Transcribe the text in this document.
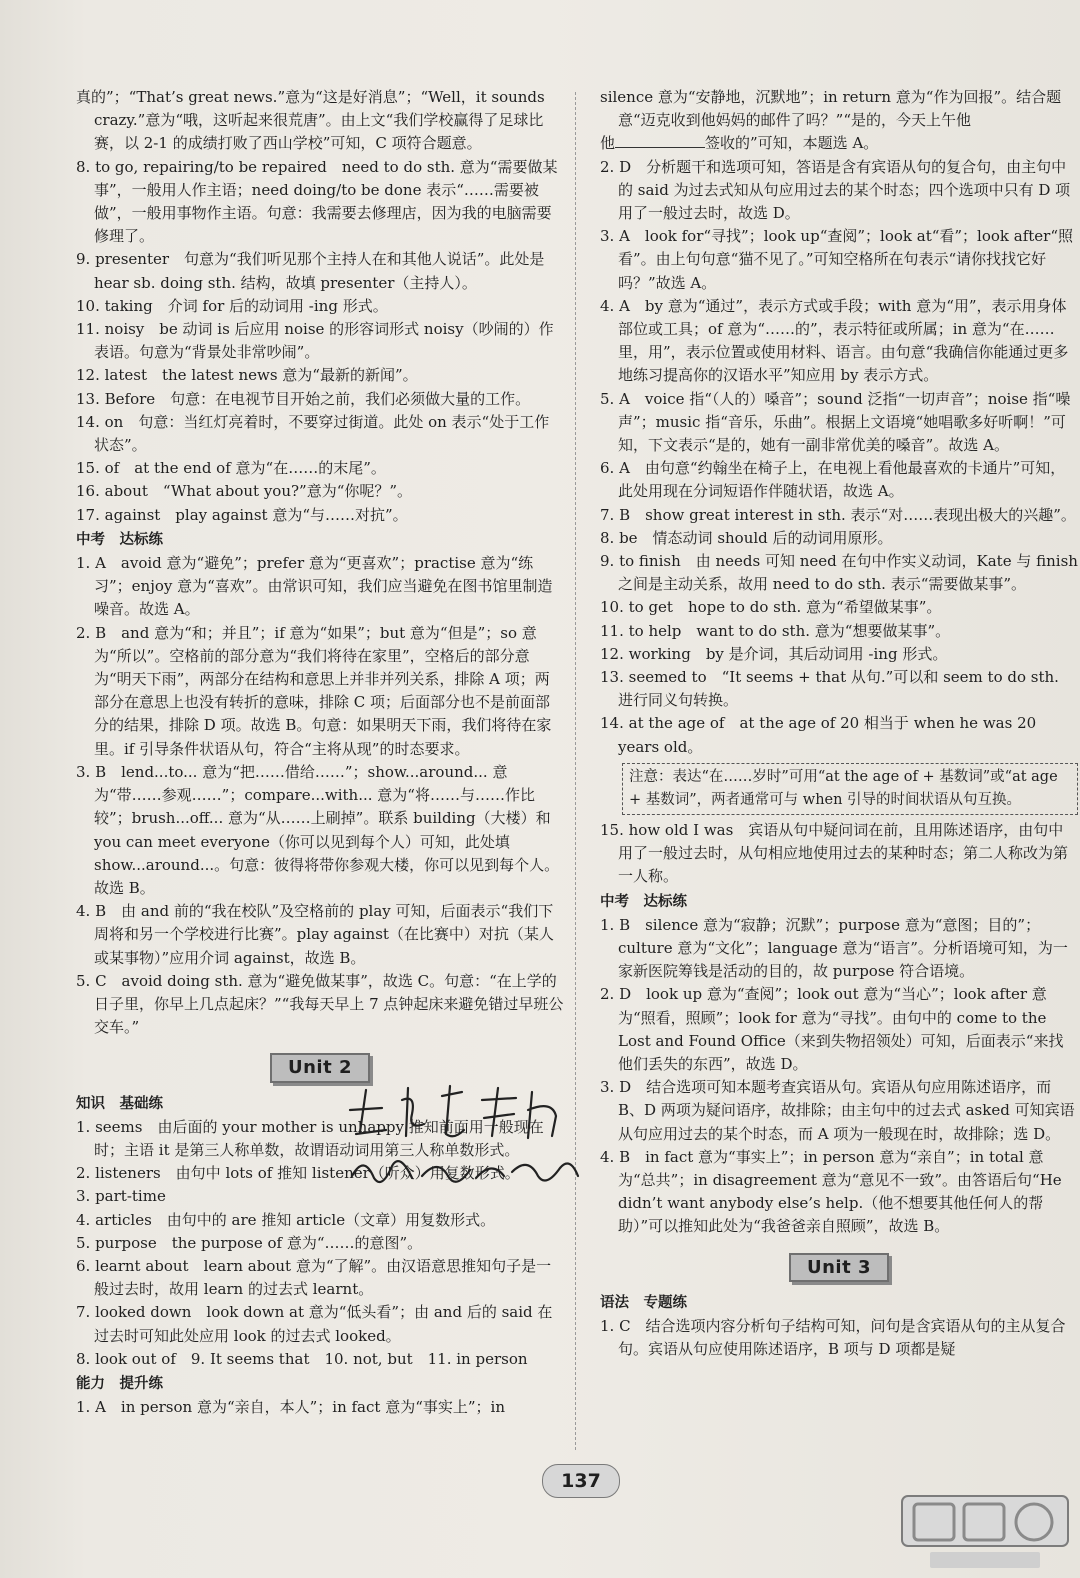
真的”；“That’s great news.”意为“这是好消息”；“Well，it sounds crazy.”意为“哦，这听起来很荒唐”。由上文“我们学校赢得了足球比赛，以 2-1 的成绩打败了西山学校”可知，C 项符合题意。

8. to go, repairing/to be repaired　need to do sth. 意为“需要做某事”，一般用人作主语；need doing/to be done 表示“……需要被做”，一般用事物作主语。句意：我需要去修理店，因为我的电脑需要修理了。

9. presenter　句意为“我们听见那个主持人在和其他人说话”。此处是 hear sb. doing sth. 结构，故填 presenter（主持人）。

10. taking　介词 for 后的动词用 -ing 形式。

11. noisy　be 动词 is 后应用 noise 的形容词形式 noisy（吵闹的）作表语。句意为“背景处非常吵闹”。

12. latest　the latest news 意为“最新的新闻”。

13. Before　句意：在电视节目开始之前，我们必须做大量的工作。

14. on　句意：当红灯亮着时，不要穿过街道。此处 on 表示“处于工作状态”。

15. of　at the end of 意为“在……的末尾”。

16. about　“What about you?”意为“你呢？”。

17. against　play against 意为“与……对抗”。

中考　达标练

1. A　avoid 意为“避免”；prefer 意为“更喜欢”；practise 意为“练习”；enjoy 意为“喜欢”。由常识可知，我们应当避免在图书馆里制造噪音。故选 A。

2. B　and 意为“和；并且”；if 意为“如果”；but 意为“但是”；so 意为“所以”。空格前的部分意为“我们将待在家里”，空格后的部分意为“明天下雨”，两部分在结构和意思上并非并列关系，排除 A 项；两部分在意思上也没有转折的意味，排除 C 项；后面部分也不是前面部分的结果，排除 D 项。故选 B。句意：如果明天下雨，我们将待在家里。if 引导条件状语从句，符合“主将从现”的时态要求。

3. B　lend...to... 意为“把……借给……”；show...around... 意为“带……参观……”；compare...with... 意为“将……与……作比较”；brush...off... 意为“从……上刷掉”。联系 building（大楼）和 you can meet everyone（你可以见到每个人）可知，此处填 show...around...。句意：彼得将带你参观大楼，你可以见到每个人。故选 B。

4. B　由 and 前的“我在校队”及空格前的 play 可知，后面表示“我们下周将和另一个学校进行比赛”。play against（在比赛中）对抗（某人或某事物）”应用介词 against，故选 B。

5. C　avoid doing sth. 意为“避免做某事”，故选 C。句意：“在上学的日子里，你早上几点起床？”“我每天早上 7 点钟起床来避免错过早班公交车。”

Unit 2

知识　基础练

1. seems　由后面的 your mother is unhappy 推知前面用一般现在时；主语 it 是第三人称单数，故谓语动词用第三人称单数形式。

2. listeners　由句中 lots of 推知 listener（听众）用复数形式。

3. part-time

4. articles　由句中的 are 推知 article（文章）用复数形式。

5. purpose　the purpose of 意为“……的意图”。

6. learnt about　learn about 意为“了解”。由汉语意思推知句子是一般过去时，故用 learn 的过去式 learnt。

7. looked down　look down at 意为“低头看”；由 and 后的 said 在过去时可知此处应用 look 的过去式 looked。

8. look out of　9. It seems that　10. not, but　11. in person

能力　提升练

1. A　in person 意为“亲自，本人”；in fact 意为“事实上”；in

silence 意为“安静地，沉默地”；in return 意为“作为回报”。结合题意“迈克收到他妈妈的邮件了吗？”“是的，今天上午他

他	签收的”可知，本题选 A。

2. D　分析题干和选项可知，答语是含有宾语从句的复合句，由主句中的 said 为过去式知从句应用过去的某个时态；四个选项中只有 D 项用了一般过去时，故选 D。

3. A　look for“寻找”；look up“查阅”；look at“看”；look after“照看”。由上句句意“猫不见了。”可知空格所在句表示“请你找找它好吗？”故选 A。

4. A　by 意为“通过”，表示方式或手段；with 意为“用”，表示用身体部位或工具；of 意为“……的”，表示特征或所属；in 意为“在……里，用”，表示位置或使用材料、语言。由句意“我确信你能通过更多地练习提高你的汉语水平”知应用 by 表示方式。

5. A　voice 指“（人的）嗓音”；sound 泛指“一切声音”；noise 指“噪声”；music 指“音乐，乐曲”。根据上文语境“她唱歌多好听啊！”可知，下文表示“是的，她有一副非常优美的嗓音”。故选 A。

6. A　由句意“约翰坐在椅子上，在电视上看他最喜欢的卡通片”可知，此处用现在分词短语作伴随状语，故选 A。

7. B　show great interest in sth. 表示“对……表现出极大的兴趣”。

8. be　情态动词 should 后的动词用原形。

9. to finish　由 needs 可知 need 在句中作实义动词，Kate 与 finish 之间是主动关系，故用 need to do sth. 表示“需要做某事”。

10. to get　hope to do sth. 意为“希望做某事”。

11. to help　want to do sth. 意为“想要做某事”。

12. working　by 是介词，其后动词用 -ing 形式。

13. seemed to　“It seems + that 从句.”可以和 seem to do sth. 进行同义句转换。

14. at the age of　at the age of 20 相当于 when he was 20 years old。

注意：表达“在……岁时”可用“at the age of + 基数词”或“at age + 基数词”，两者通常可与 when 引导的时间状语从句互换。

15. how old I was　宾语从句中疑问词在前，且用陈述语序，由句中用了一般过去时，从句相应地使用过去的某种时态；第二人称改为第一人称。

中考　达标练

1. B　silence 意为“寂静；沉默”；purpose 意为“意图；目的”；culture 意为“文化”；language 意为“语言”。分析语境可知，为一家新医院筹钱是活动的目的，故 purpose 符合语境。

2. D　look up 意为“查阅”；look out 意为“当心”；look after 意为“照看，照顾”；look for 意为“寻找”。由句中的 come to the Lost and Found Office（来到失物招领处）可知，后面表示“来找他们丢失的东西”，故选 D。

3. D　结合选项可知本题考查宾语从句。宾语从句应用陈述语序，而 B、D 两项为疑问语序，故排除；由主句中的过去式 asked 可知宾语从句应用过去的某个时态，而 A 项为一般现在时，故排除；选 D。

4. B　in fact 意为“事实上”；in person 意为“亲自”；in total 意为“总共”；in disagreement 意为“意见不一致”。由答语后句“He didn’t want anybody else’s help.（他不想要其他任何人的帮助）”可以推知此处为“我爸爸亲自照顾”，故选 B。

Unit 3

语法　专题练

1. C　结合选项内容分析句子结构可知，问句是含宾语从句的主从复合句。宾语从句应使用陈述语序，B 项与 D 项都是疑

137
